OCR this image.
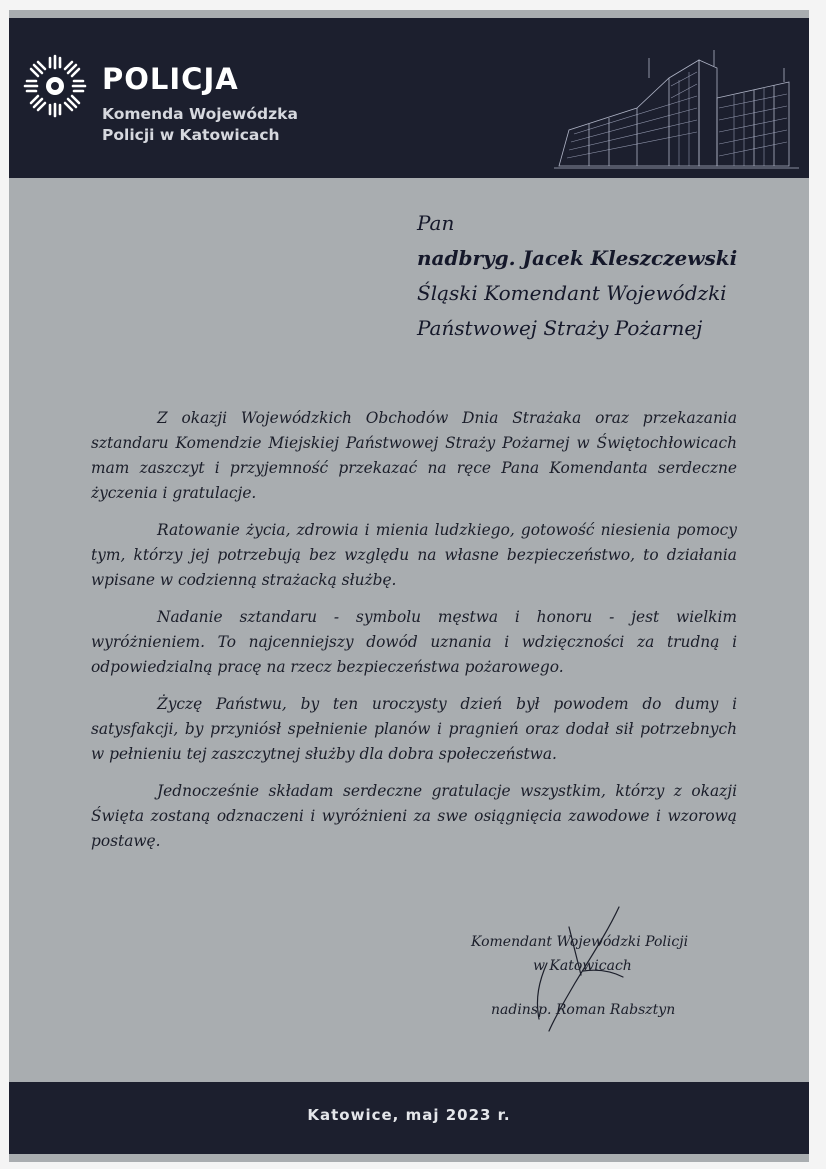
POLICJA
Komenda Wojewódzka
Policji w Katowicach
Pan
nadbryg. Jacek Kleszczewski
Śląski Komendant Wojewódzki
Państwowej Straży Pożarnej

Z okazji Wojewódzkich Obchodów Dnia Strażaka oraz przekazania sztandaru Komendzie Miejskiej Państwowej Straży Pożarnej w Świętochłowicach mam zaszczyt i przyjemność przekazać na ręce Pana Komendanta serdeczne życzenia i gratulacje.

Ratowanie życia, zdrowia i mienia ludzkiego, gotowość niesienia pomocy tym, którzy jej potrzebują bez względu na własne bezpieczeństwo, to działania wpisane w codzienną strażacką służbę.

Nadanie sztandaru - symbolu męstwa i honoru - jest wielkim wyróżnieniem. To najcenniejszy dowód uznania i wdzięczności za trudną i odpowiedzialną pracę na rzecz bezpieczeństwa pożarowego.

Życzę Państwu, by ten uroczysty dzień był powodem do dumy i satysfakcji, by przyniósł spełnienie planów i pragnień oraz dodał sił potrzebnych w pełnieniu tej zaszczytnej służby dla dobra społeczeństwa.

Jednocześnie składam serdeczne gratulacje wszystkim, którzy z okazji Święta zostaną odznaczeni i wyróżnieni za swe osiągnięcia zawodowe i wzorową postawę.

Komendant Wojewódzki Policji
w Katowicach
nadinsp. Roman Rabsztyn
Katowice, maj 2023 r.
